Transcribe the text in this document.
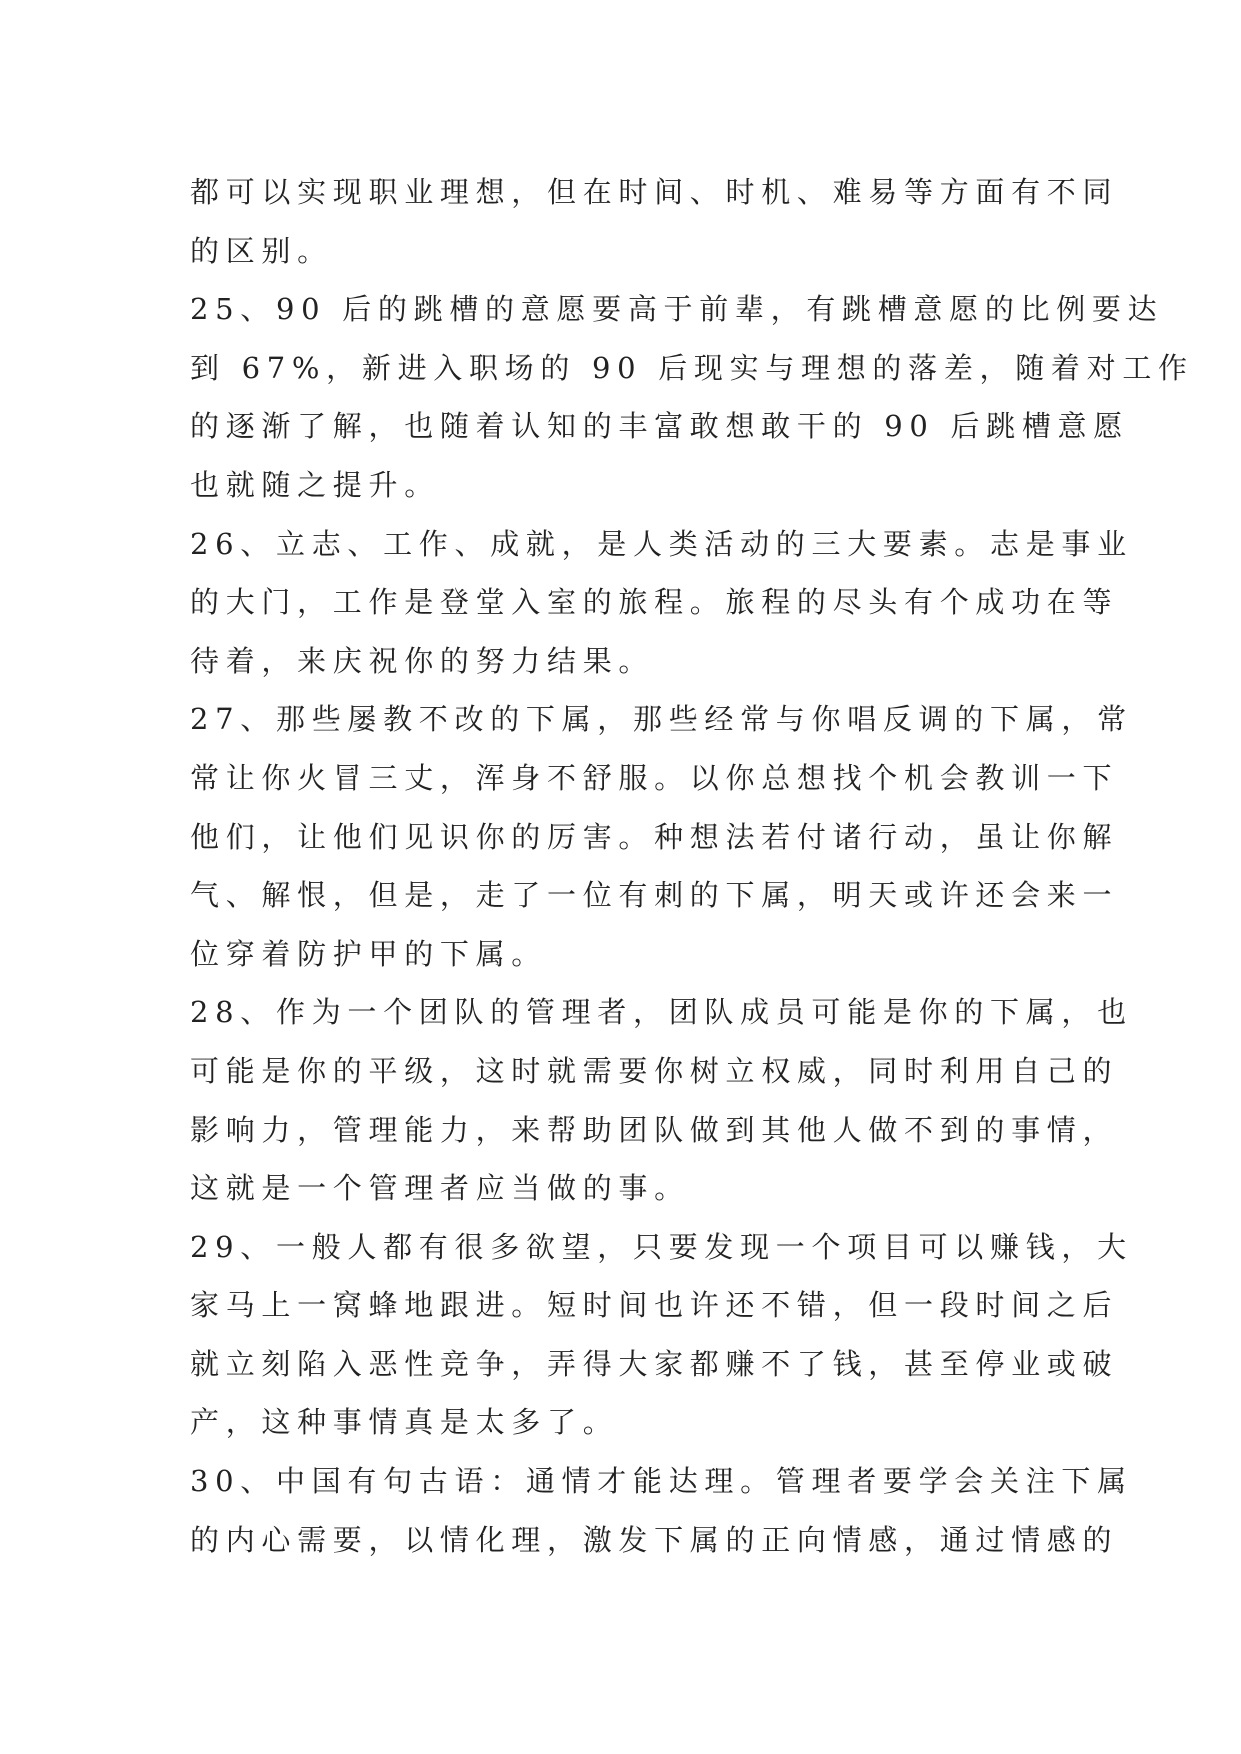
都可以实现职业理想，但在时间、时机、难易等方面有不同
的区别。
25、90 后的跳槽的意愿要高于前辈，有跳槽意愿的比例要达
到 67%，新进入职场的 90 后现实与理想的落差，随着对工作
的逐渐了解，也随着认知的丰富敢想敢干的 90 后跳槽意愿
也就随之提升。
26、立志、工作、成就，是人类活动的三大要素。志是事业
的大门，工作是登堂入室的旅程。旅程的尽头有个成功在等
待着，来庆祝你的努力结果。
27、那些屡教不改的下属，那些经常与你唱反调的下属，常
常让你火冒三丈，浑身不舒服。以你总想找个机会教训一下
他们，让他们见识你的厉害。种想法若付诸行动，虽让你解
气、解恨，但是，走了一位有刺的下属，明天或许还会来一
位穿着防护甲的下属。
28、作为一个团队的管理者，团队成员可能是你的下属，也
可能是你的平级，这时就需要你树立权威，同时利用自己的
影响力，管理能力，来帮助团队做到其他人做不到的事情，
这就是一个管理者应当做的事。
29、一般人都有很多欲望，只要发现一个项目可以赚钱，大
家马上一窝蜂地跟进。短时间也许还不错，但一段时间之后
就立刻陷入恶性竞争，弄得大家都赚不了钱，甚至停业或破
产，这种事情真是太多了。
30、中国有句古语：通情才能达理。管理者要学会关注下属
的内心需要，以情化理，激发下属的正向情感，通过情感的
